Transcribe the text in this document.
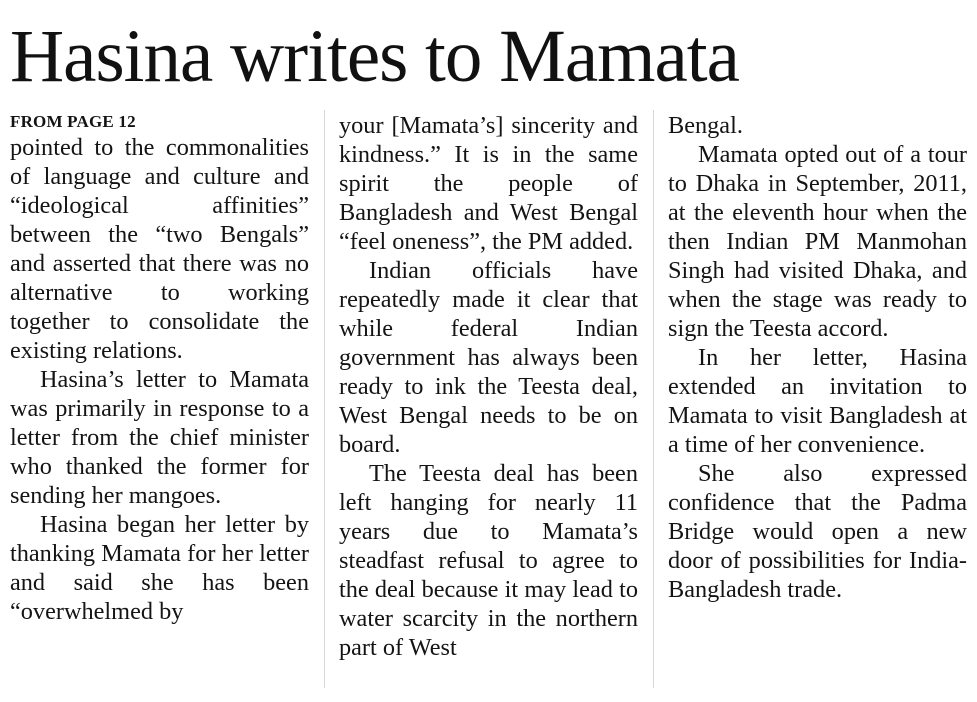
Hasina writes to Mamata
FROM PAGE 12

pointed to the commonalities of language and culture and “ideological affinities” between the “two Bengals” and asserted that there was no alternative to working together to consolidate the existing relations.

Hasina’s letter to Mamata was primarily in response to a letter from the chief minister who thanked the former for sending her mangoes.

Hasina began her letter by thanking Mamata for her letter and said she has been “overwhelmed by

your [Mamata’s] sincerity and kindness.” It is in the same spirit the people of Bangladesh and West Bengal “feel oneness”, the PM added.

Indian officials have repeatedly made it clear that while federal Indian government has always been ready to ink the Teesta deal, West Bengal needs to be on board.

The Teesta deal has been left hanging for nearly 11 years due to Mamata’s steadfast refusal to agree to the deal because it may lead to water scarcity in the northern part of West

Bengal.

Mamata opted out of a tour to Dhaka in September, 2011, at the eleventh hour when the then Indian PM Manmohan Singh had visited Dhaka, and when the stage was ready to sign the Teesta accord.

In her letter, Hasina extended an invitation to Mamata to visit Bangladesh at a time of her convenience.

She also expressed confidence that the Padma Bridge would open a new door of possibilities for India-Bangladesh trade.
